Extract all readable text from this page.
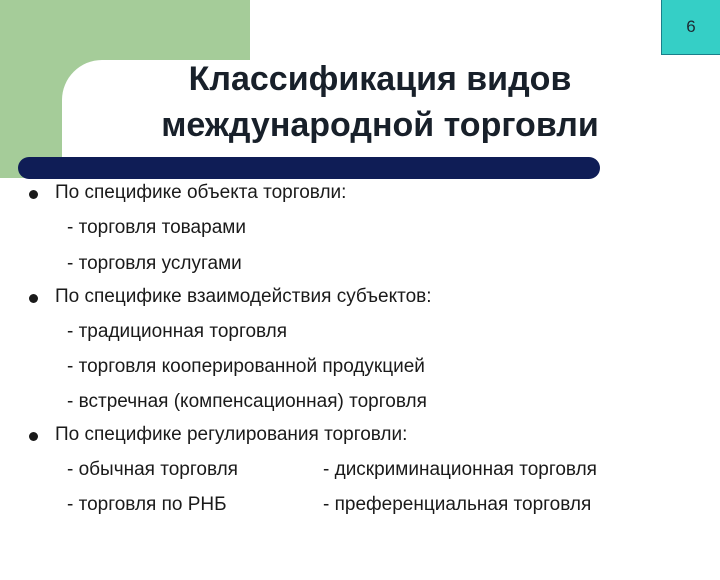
6
Классификация видов
международной торговли
По специфике объекта торговли:
- торговля товарами
- торговля услугами
По специфике взаимодействия субъектов:
- традиционная торговля
- торговля кооперированной продукцией
- встречная (компенсационная) торговля
По специфике регулирования торговли:
- обычная торговля	- дискриминационная торговля
- торговля по РНБ	- преференциальная торговля
